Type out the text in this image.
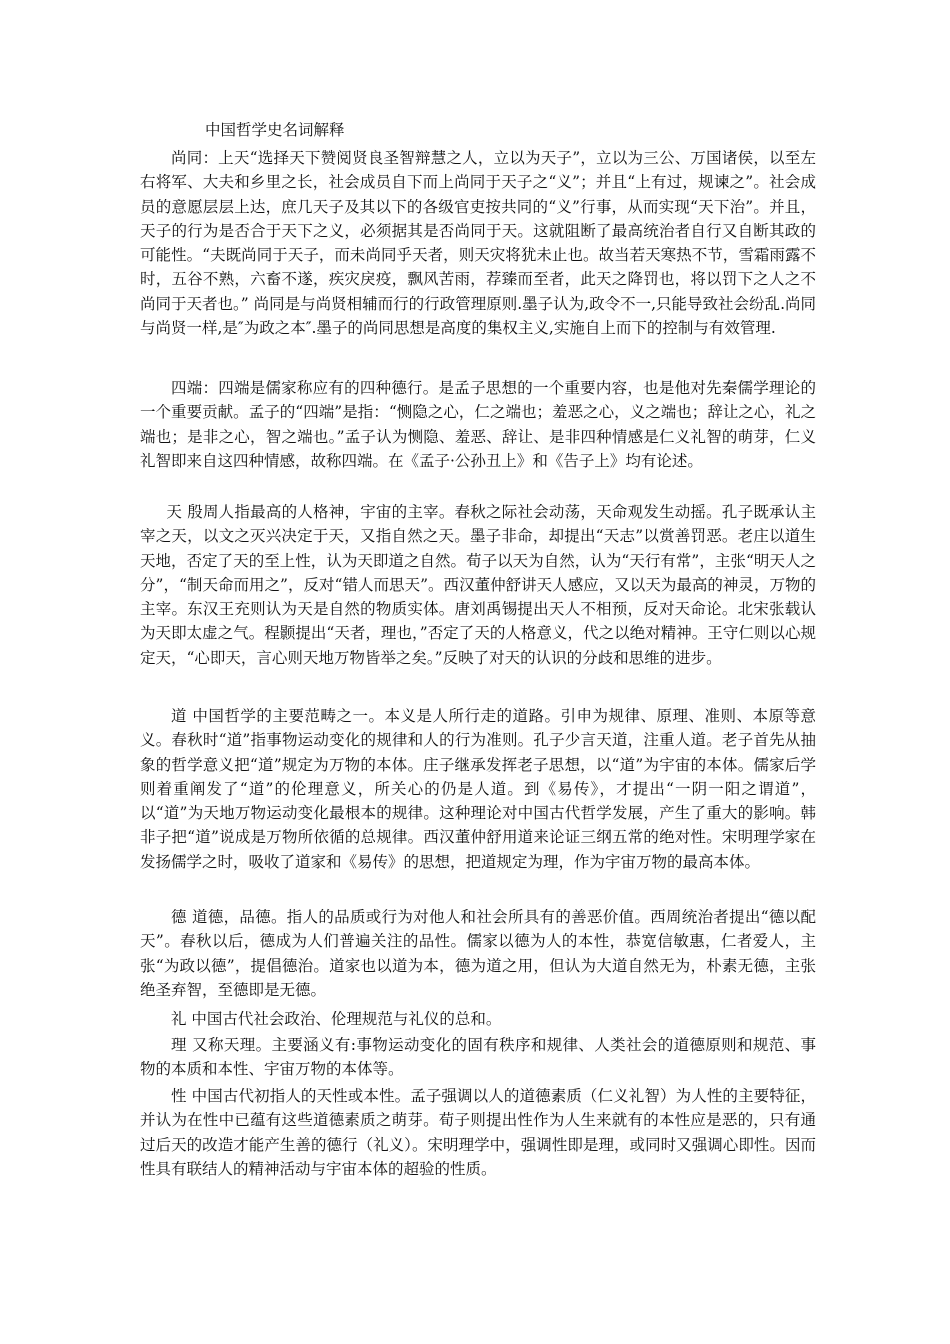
中国哲学史名词解释

尚同：上天“选择天下赞阅贤良圣智辩慧之人，立以为天子”，立以为三公、万国诸侯，以至左右将军、大夫和乡里之长，社会成员自下而上尚同于天子之“义”；并且“上有过，规谏之”。社会成员的意愿层层上达，庶几天子及其以下的各级官吏按共同的“义”行事，从而实现“天下治”。并且，天子的行为是否合于天下之义，必须据其是否尚同于天。这就阻断了最高统治者自行又自断其政的可能性。“夫既尚同于天子，而未尚同乎天者，则天灾将犹未止也。故当若天寒热不节，雪霜雨露不时，五谷不熟，六畜不遂，疾灾戾疫，飘风苦雨，荐臻而至者，此天之降罚也，将以罚下之人之不尚同于天者也。” 尚同是与尚贤相辅而行的行政管理原则.墨子认为,政令不一,只能导致社会纷乱.尚同与尚贤一样,是″为政之本″.墨子的尚同思想是高度的集权主义,实施自上而下的控制与有效管理.

四端：四端是儒家称应有的四种德行。是孟子思想的一个重要内容，也是他对先秦儒学理论的一个重要贡献。孟子的“四端”是指：“恻隐之心，仁之端也；羞恶之心，义之端也；辞让之心，礼之端也；是非之心，智之端也。”孟子认为恻隐、羞恶、辞让、是非四种情感是仁义礼智的萌芽，仁义礼智即来自这四种情感，故称四端。在《孟子·公孙丑上》和《告子上》均有论述。

天 殷周人指最高的人格神，宇宙的主宰。春秋之际社会动荡，天命观发生动摇。孔子既承认主宰之天，以文之灭兴决定于天，又指自然之天。墨子非命，却提出“天志”以赏善罚恶。老庄以道生天地，否定了天的至上性，认为天即道之自然。荀子以天为自然，认为“天行有常”，主张“明天人之分”，“制天命而用之”，反对“错人而思天”。西汉董仲舒讲天人感应，又以天为最高的神灵，万物的主宰。东汉王充则认为天是自然的物质实体。唐刘禹锡提出天人不相预，反对天命论。北宋张载认为天即太虚之气。程颢提出“天者，理也，”否定了天的人格意义，代之以绝对精神。王守仁则以心规定天，“心即天，言心则天地万物皆举之矣。”反映了对天的认识的分歧和思维的进步。

道 中国哲学的主要范畴之一。本义是人所行走的道路。引申为规律、原理、准则、本原等意义。春秋时“道”指事物运动变化的规律和人的行为准则。孔子少言天道，注重人道。老子首先从抽象的哲学意义把“道”规定为万物的本体。庄子继承发挥老子思想，以“道”为宇宙的本体。儒家后学则着重阐发了“道”的伦理意义，所关心的仍是人道。到《易传》，才提出“一阴一阳之谓道”，以“道”为天地万物运动变化最根本的规律。这种理论对中国古代哲学发展，产生了重大的影响。韩非子把“道”说成是万物所依循的总规律。西汉董仲舒用道来论证三纲五常的绝对性。宋明理学家在发扬儒学之时，吸收了道家和《易传》的思想，把道规定为理，作为宇宙万物的最高本体。

德 道德，品德。指人的品质或行为对他人和社会所具有的善恶价值。西周统治者提出“德以配天”。春秋以后，德成为人们普遍关注的品性。儒家以德为人的本性，恭宽信敏惠，仁者爱人，主张“为政以德”，提倡德治。道家也以道为本，德为道之用，但认为大道自然无为，朴素无德，主张绝圣弃智，至德即是无德。

礼 中国古代社会政治、伦理规范与礼仪的总和。

理 又称天理。主要涵义有:事物运动变化的固有秩序和规律、人类社会的道德原则和规范、事物的本质和本性、宇宙万物的本体等。

性 中国古代初指人的天性或本性。孟子强调以人的道德素质（仁义礼智）为人性的主要特征，并认为在性中已蕴有这些道德素质之萌芽。荀子则提出性作为人生来就有的本性应是恶的，只有通过后天的改造才能产生善的德行（礼义）。宋明理学中，强调性即是理，或同时又强调心即性。因而性具有联结人的精神活动与宇宙本体的超验的性质。
